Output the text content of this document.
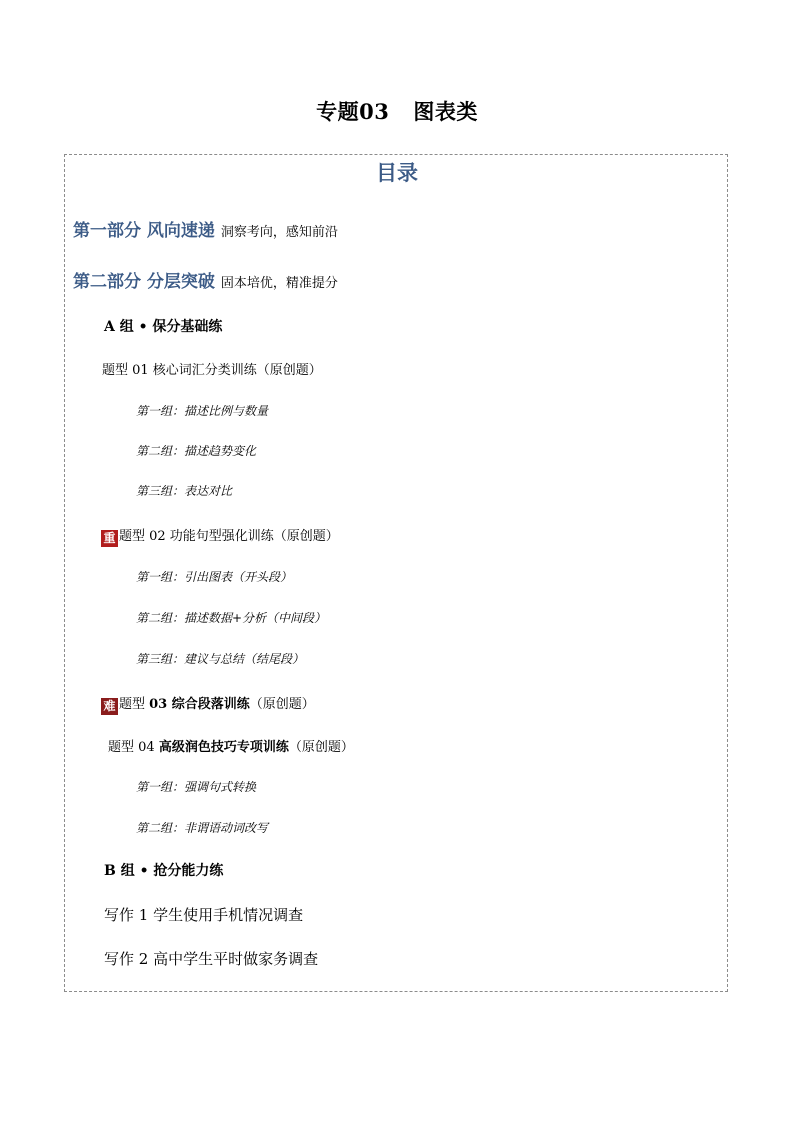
专题03 图表类
目录
第一部分 风向速递 洞察考向，感知前沿
第二部分 分层突破 固本培优，精准提分
A 组 • 保分基础练
题型 01 核心词汇分类训练（原创题）
第一组：描述比例与数量
第二组：描述趋势变化
第三组：表达对比
重 题型 02 功能句型强化训练（原创题）
第一组：引出图表（开头段）
第二组：描述数据+分析（中间段）
第三组：建议与总结（结尾段）
难 题型 03 综合段落训练（原创题）
题型 04 高级润色技巧专项训练（原创题）
第一组：强调句式转换
第二组：非谓语动词改写
B 组 • 抢分能力练
写作 1 学生使用手机情况调查
写作 2 高中学生平时做家务调查
